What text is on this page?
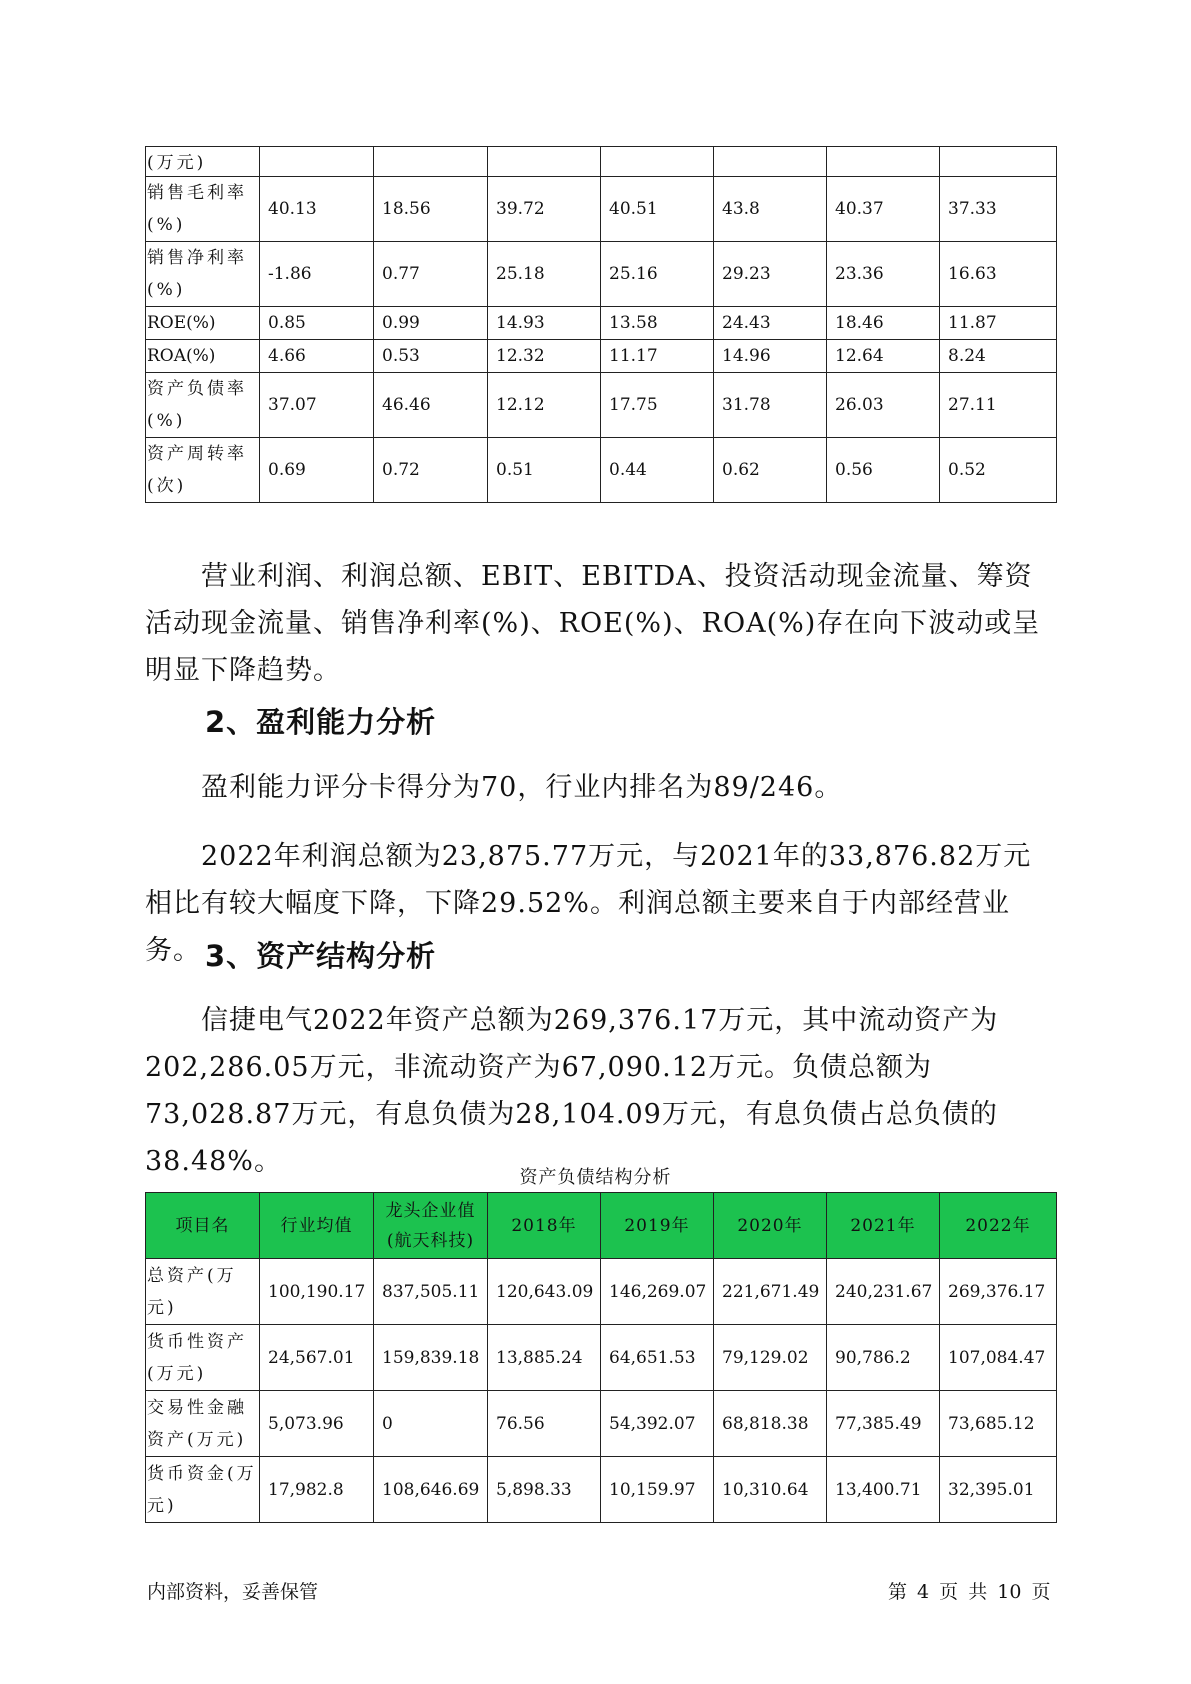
(万元)							
销售毛利率(%)	40.13	18.56	39.72	40.51	43.8	40.37	37.33
销售净利率(%)	-1.86	0.77	25.18	25.16	29.23	23.36	16.63
ROE(%)	0.85	0.99	14.93	13.58	24.43	18.46	11.87
ROA(%)	4.66	0.53	12.32	11.17	14.96	12.64	8.24
资产负债率(%)	37.07	46.46	12.12	17.75	31.78	26.03	27.11
资产周转率(次)	0.69	0.72	0.51	0.44	0.62	0.56	0.52

营业利润、利润总额、EBIT、EBITDA、投资活动现金流量、筹资活动现金流量、销售净利率(%)、ROE(%)、ROA(%)存在向下波动或呈明显下降趋势。

2、盈利能力分析

盈利能力评分卡得分为70，行业内排名为89/246。

2022年利润总额为23,875.77万元，与2021年的33,876.82万元相比有较大幅度下降，下降29.52%。利润总额主要来自于内部经营业务。 3、资产结构分析

信捷电气2022年资产总额为269,376.17万元，其中流动资产为202,286.05万元，非流动资产为67,090.12万元。负债总额为73,028.87万元，有息负债为28,104.09万元，有息负债占总负债的38.48%。

资产负债结构分析
项目名	行业均值	龙头企业值(航天科技)	2018年	2019年	2020年	2021年	2022年
总资产(万元)	100,190.17	837,505.11	120,643.09	146,269.07	221,671.49	240,231.67	269,376.17
货币性资产(万元)	24,567.01	159,839.18	13,885.24	64,651.53	79,129.02	90,786.2	107,084.47
交易性金融资产(万元)	5,073.96	0	76.56	54,392.07	68,818.38	77,385.49	73,685.12
货币资金(万元)	17,982.8	108,646.69	5,898.33	10,159.97	10,310.64	13,400.71	32,395.01
内部资料，妥善保管	第 4 页 共 10 页
